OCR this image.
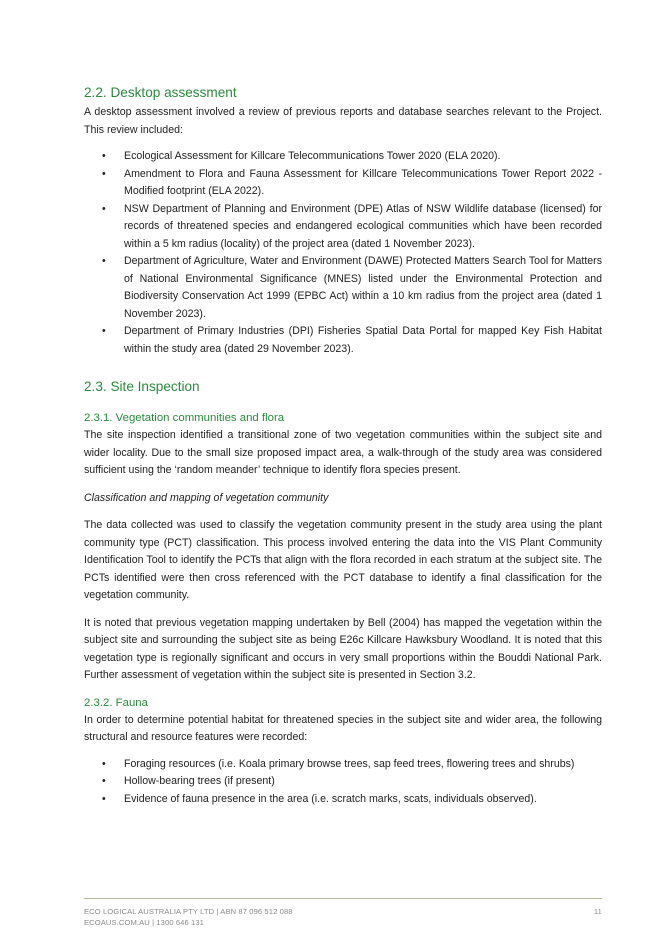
2.2. Desktop assessment

A desktop assessment involved a review of previous reports and database searches relevant to the Project. This review included:

• Ecological Assessment for Killcare Telecommunications Tower 2020 (ELA 2020).
• Amendment to Flora and Fauna Assessment for Killcare Telecommunications Tower Report 2022 - Modified footprint (ELA 2022).
• NSW Department of Planning and Environment (DPE) Atlas of NSW Wildlife database (licensed) for records of threatened species and endangered ecological communities which have been recorded within a 5 km radius (locality) of the project area (dated 1 November 2023).
• Department of Agriculture, Water and Environment (DAWE) Protected Matters Search Tool for Matters of National Environmental Significance (MNES) listed under the Environmental Protection and Biodiversity Conservation Act 1999 (EPBC Act) within a 10 km radius from the project area (dated 1 November 2023).
• Department of Primary Industries (DPI) Fisheries Spatial Data Portal for mapped Key Fish Habitat within the study area (dated 29 November 2023).
2.3. Site Inspection
2.3.1. Vegetation communities and flora

The site inspection identified a transitional zone of two vegetation communities within the subject site and wider locality. Due to the small size proposed impact area, a walk-through of the study area was considered sufficient using the ‘random meander’ technique to identify flora species present.

Classification and mapping of vegetation community

The data collected was used to classify the vegetation community present in the study area using the plant community type (PCT) classification. This process involved entering the data into the VIS Plant Community Identification Tool to identify the PCTs that align with the flora recorded in each stratum at the subject site. The PCTs identified were then cross referenced with the PCT database to identify a final classification for the vegetation community.

It is noted that previous vegetation mapping undertaken by Bell (2004) has mapped the vegetation within the subject site and surrounding the subject site as being E26c Killcare Hawksbury Woodland. It is noted that this vegetation type is regionally significant and occurs in very small proportions within the Bouddi National Park. Further assessment of vegetation within the subject site is presented in Section 3.2.

2.3.2. Fauna

In order to determine potential habitat for threatened species in the subject site and wider area, the following structural and resource features were recorded:

• Foraging resources (i.e. Koala primary browse trees, sap feed trees, flowering trees and shrubs)
• Hollow-bearing trees (if present)
• Evidence of fauna presence in the area (i.e. scratch marks, scats, individuals observed).
ECO LOGICAL AUSTRALIA PTY LTD | ABN 87 096 512 088
ECOAUS.COM.AU | 1300 646 131
11
